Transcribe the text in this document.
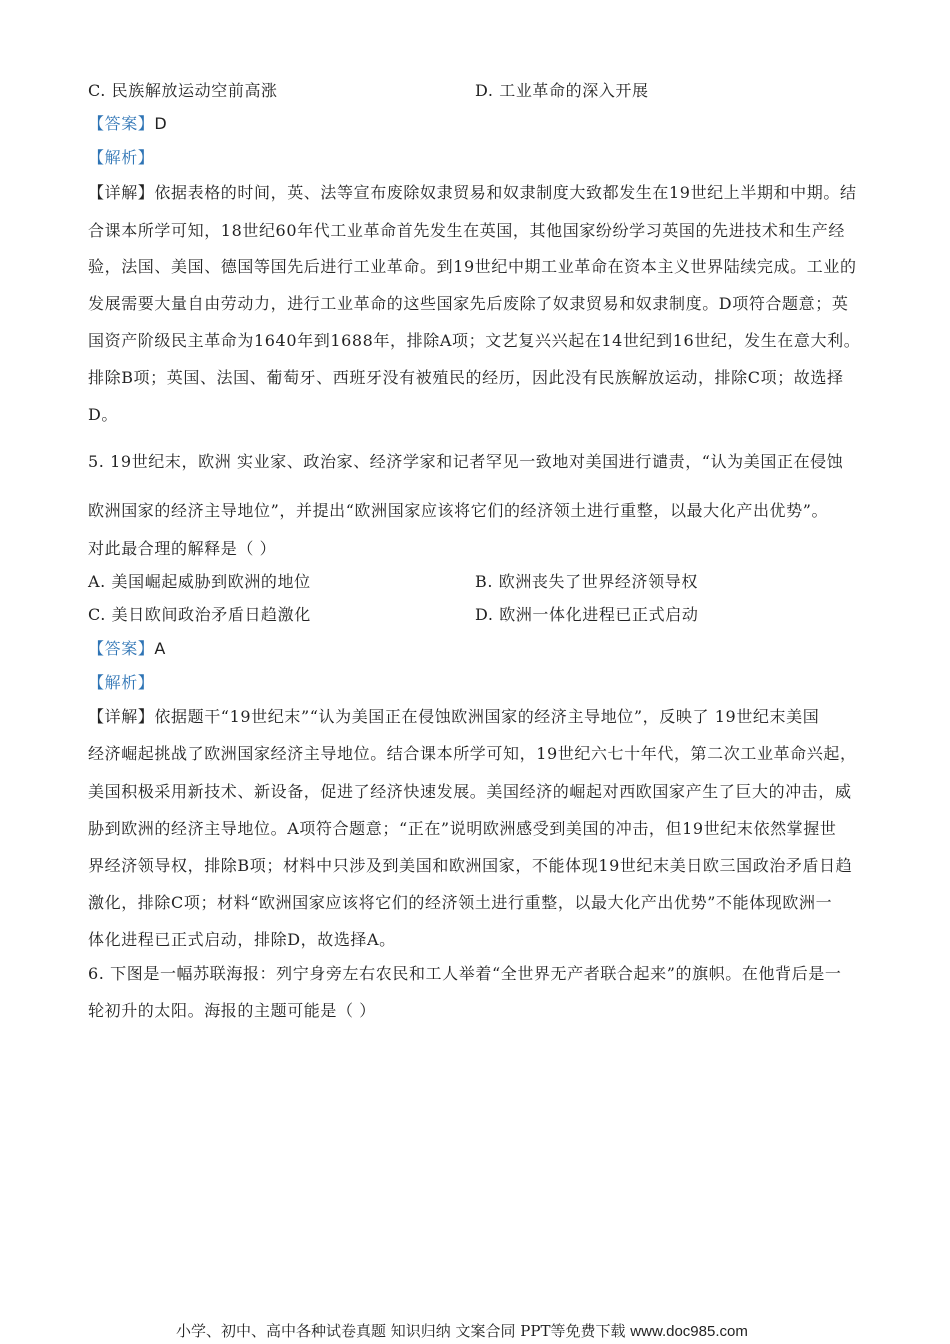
C. 民族解放运动空前高涨	D. 工业革命的深入开展
【答案】D
【解析】
【详解】依据表格的时间，英、法等宣布废除奴隶贸易和奴隶制度大致都发生在19世纪上半期和中期。结
合课本所学可知，18世纪60年代工业革命首先发生在英国，其他国家纷纷学习英国的先进技术和生产经
验，法国、美国、德国等国先后进行工业革命。到19世纪中期工业革命在资本主义世界陆续完成。工业的
发展需要大量自由劳动力，进行工业革命的这些国家先后废除了奴隶贸易和奴隶制度。D项符合题意；英
国资产阶级民主革命为1640年到1688年，排除A项；文艺复兴兴起在14世纪到16世纪，发生在意大利。
排除B项；英国、法国、葡萄牙、西班牙没有被殖民的经历，因此没有民族解放运动，排除C项；故选择
D。
5. 19世纪末，欧洲 实业家、政治家、经济学家和记者罕见一致地对美国进行谴责，“认为美国正在侵蚀
欧洲国家的经济主导地位”，并提出“欧洲国家应该将它们的经济领土进行重整，以最大化产出优势”。
对此最合理的解释是（ ）
A. 美国崛起威胁到欧洲的地位	B. 欧洲丧失了世界经济领导权
C. 美日欧间政治矛盾日趋激化	D. 欧洲一体化进程已正式启动
【答案】A
【解析】
【详解】依据题干“19世纪末”“认为美国正在侵蚀欧洲国家的经济主导地位”，反映了 19世纪末美国
经济崛起挑战了欧洲国家经济主导地位。结合课本所学可知，19世纪六七十年代，第二次工业革命兴起，
美国积极采用新技术、新设备，促进了经济快速发展。美国经济的崛起对西欧国家产生了巨大的冲击，威
胁到欧洲的经济主导地位。A项符合题意；“正在”说明欧洲感受到美国的冲击，但19世纪末依然掌握世
界经济领导权，排除B项；材料中只涉及到美国和欧洲国家，不能体现19世纪末美日欧三国政治矛盾日趋
激化，排除C项；材料“欧洲国家应该将它们的经济领土进行重整，以最大化产出优势”不能体现欧洲一
体化进程已正式启动，排除D，故选择A。
6. 下图是一幅苏联海报：列宁身旁左右农民和工人举着“全世界无产者联合起来”的旗帜。在他背后是一
轮初升的太阳。海报的主题可能是（ ）
小学、初中、高中各种试卷真题 知识归纳 文案合同 PPT等免费下载 www.doc985.com
